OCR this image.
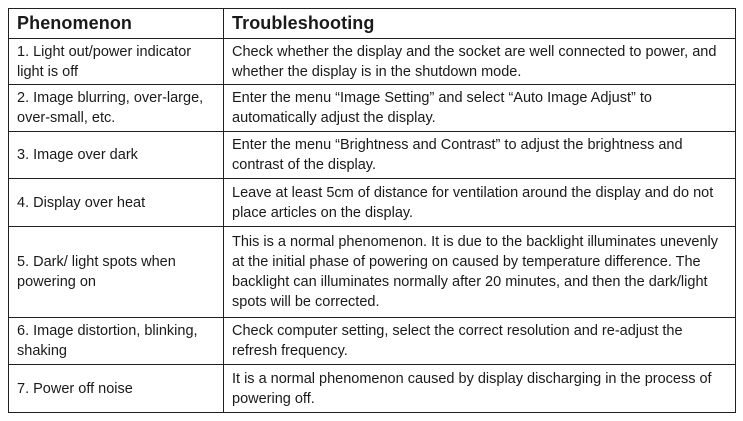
Phenomenon	Troubleshooting
1. Light out/power indicator light is off	Check whether the display and the socket are well connected to power, and whether the display is in the shutdown mode.
2. Image blurring, over-large, over-small, etc.	Enter the menu “Image Setting” and select “Auto Image Adjust” to automatically adjust the display.
3. Image over dark	Enter the menu “Brightness and Contrast” to adjust the brightness and contrast of the display.
4. Display over heat	Leave at least 5cm of distance for ventilation around the display and do not place articles on the display.
5. Dark/ light spots when powering on	This is a normal phenomenon. It is due to the backlight illuminates unevenly at the initial phase of powering on caused by temperature difference. The backlight can illuminates normally after 20 minutes, and then the dark/light spots will be corrected.
6. Image distortion, blinking, shaking	Check computer setting, select the correct resolution and re-adjust the refresh frequency.
7. Power off noise	It is a normal phenomenon caused by display discharging in the process of powering off.
